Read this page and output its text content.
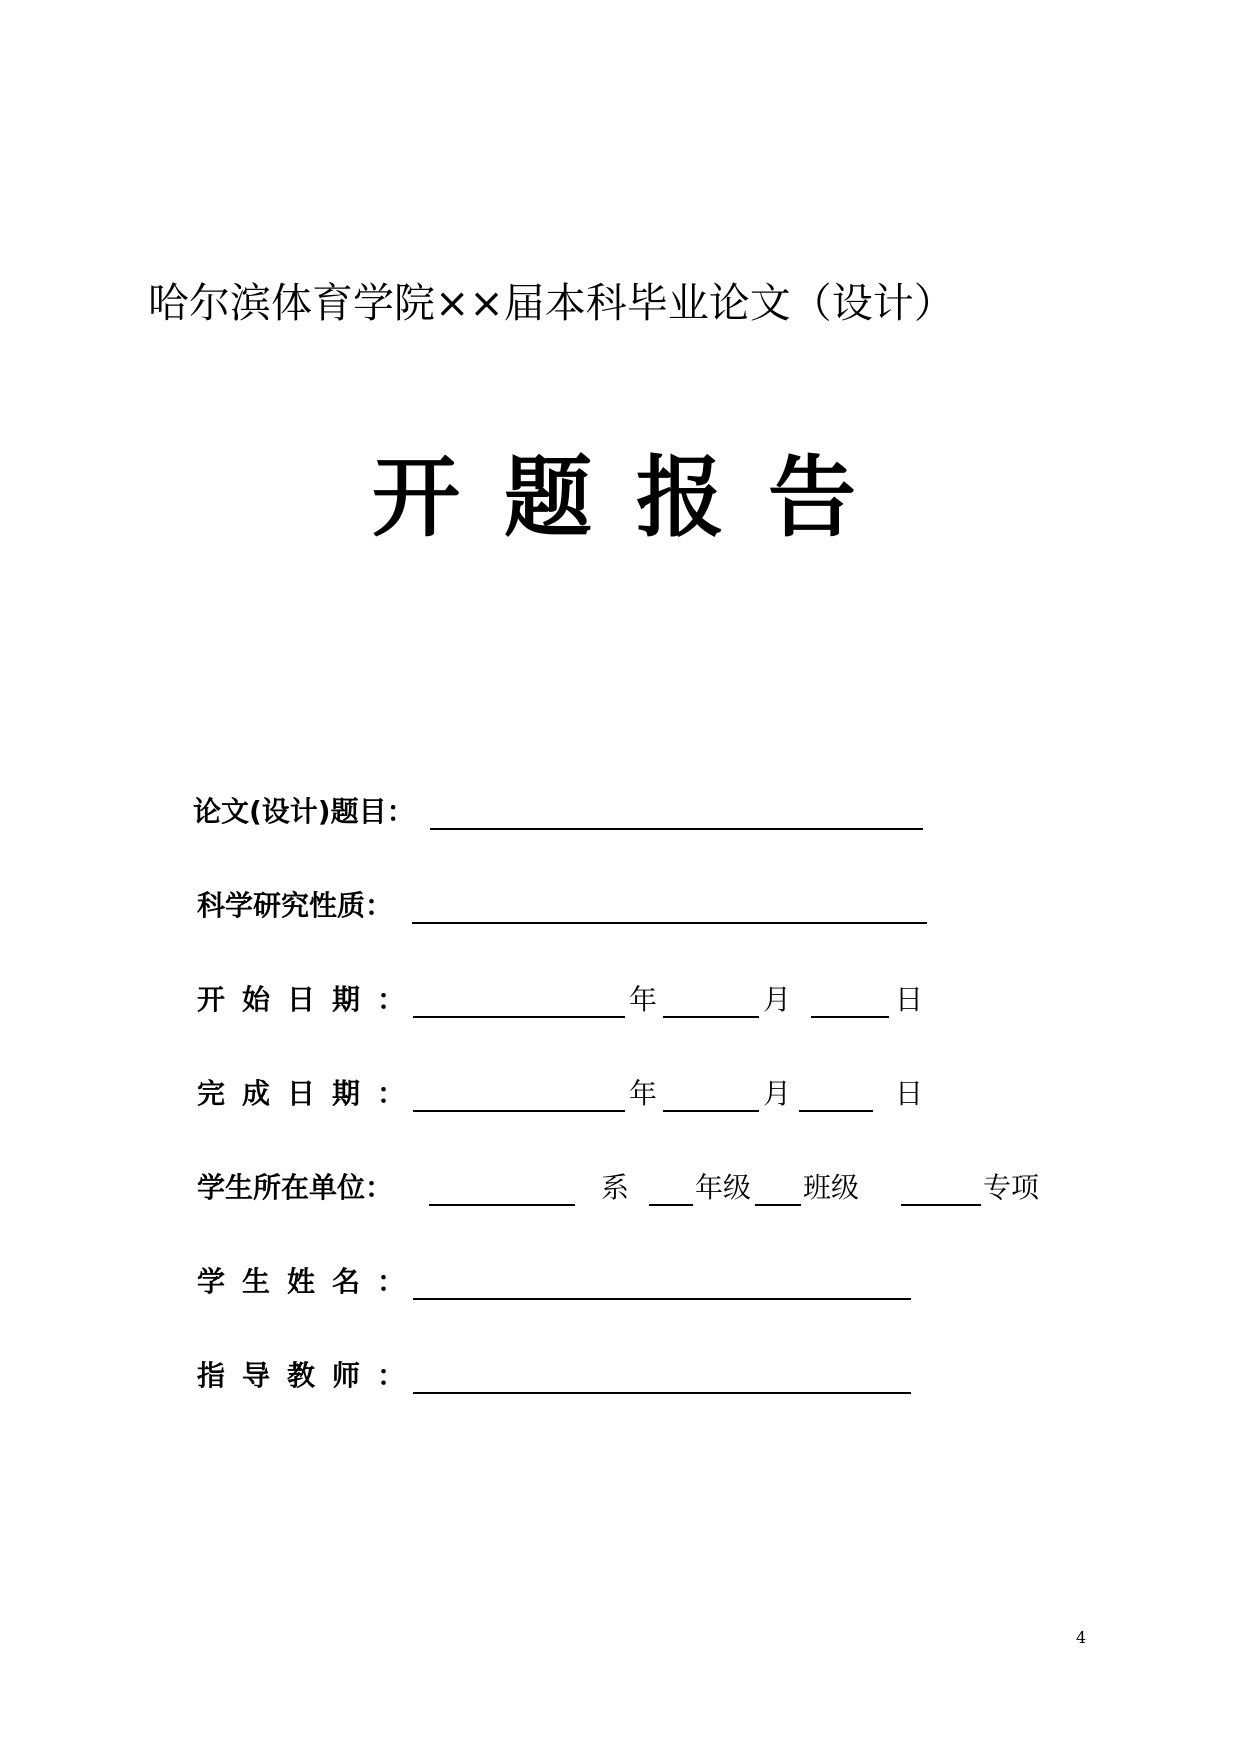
哈尔滨体育学院××届本科毕业论文（设计）
开题报告
论文(设计)题目：
科学研究性质：
开始日期：	年	月	日
完成日期：	年	月	日
学生所在单位：	系 年级 班级	专项
学生姓名：
指导教师：
4
